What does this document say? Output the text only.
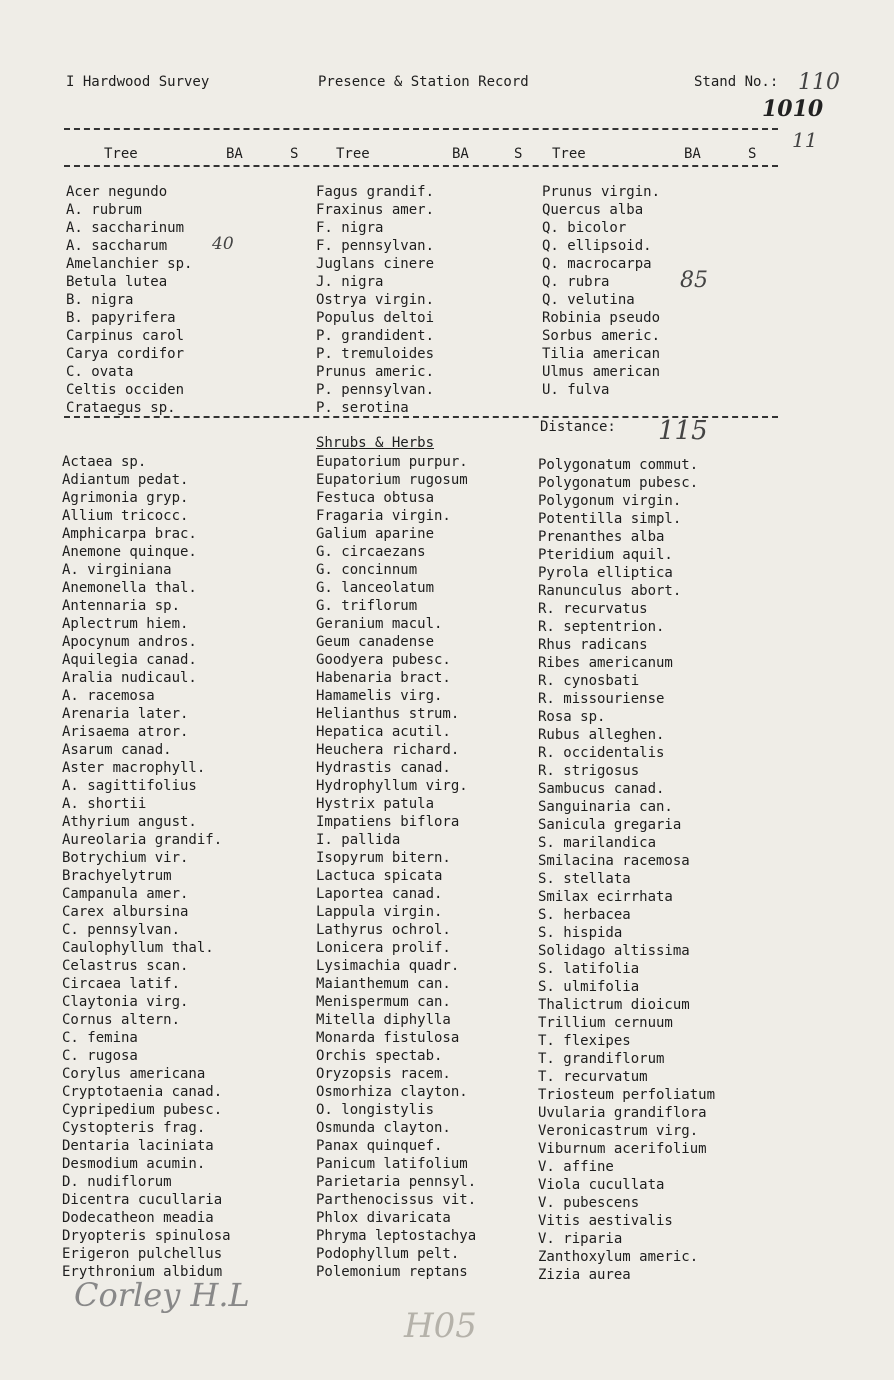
I Hardwood Survey	Presence & Station Record	Stand No.: 110
1010
11
Tree	BA	S	Tree	BA	S Tree	BA	S
Acer negundo
A. rubrum
A. saccharinum
A. saccharum
Amelanchier sp.
Betula lutea
B. nigra
B. papyrifera
Carpinus carol
Carya cordifor
C. ovata
Celtis occiden
Crataegus sp.
Fagus grandif.
Fraxinus amer.
F. nigra
F. pennsylvan.
Juglans cinere
J. nigra
Ostrya virgin.
Populus deltoi
P. grandident.
P. tremuloides
Prunus americ.
P. pennsylvan.
P. serotina
Prunus virgin.
Quercus alba
Q. bicolor
Q. ellipsoid.
Q. macrocarpa
Q. rubra
Q. velutina
Robinia pseudo
Sorbus americ.
Tilia american
Ulmus american
U. fulva
40
85
Shrubs & Herbs
Distance: 115
Actaea sp.
Adiantum pedat.
Agrimonia gryp.
Allium tricocc.
Amphicarpa brac.
Anemone quinque.
A. virginiana
Anemonella thal.
Antennaria sp.
Aplectrum hiem.
Apocynum andros.
Aquilegia canad.
Aralia nudicaul.
A. racemosa
Arenaria later.
Arisaema atror.
Asarum canad.
Aster macrophyll.
A. sagittifolius
A. shortii
Athyrium angust.
Aureolaria grandif.
Botrychium vir.
Brachyelytrum
Campanula amer.
Carex albursina
C. pennsylvan.
Caulophyllum thal.
Celastrus scan.
Circaea latif.
Claytonia virg.
Cornus altern.
C. femina
C. rugosa
Corylus americana
Cryptotaenia canad.
Cypripedium pubesc.
Cystopteris frag.
Dentaria laciniata
Desmodium acumin.
D. nudiflorum
Dicentra cucullaria
Dodecatheon meadia
Dryopteris spinulosa
Erigeron pulchellus
Erythronium albidum
Eupatorium purpur.
Eupatorium rugosum
Festuca obtusa
Fragaria virgin.
Galium aparine
G. circaezans
G. concinnum
G. lanceolatum
G. triflorum
Geranium macul.
Geum canadense
Goodyera pubesc.
Habenaria bract.
Hamamelis virg.
Helianthus strum.
Hepatica acutil.
Heuchera richard.
Hydrastis canad.
Hydrophyllum virg.
Hystrix patula
Impatiens biflora
I. pallida
Isopyrum bitern.
Lactuca spicata
Laportea canad.
Lappula virgin.
Lathyrus ochrol.
Lonicera prolif.
Lysimachia quadr.
Maianthemum can.
Menispermum can.
Mitella diphylla
Monarda fistulosa
Orchis spectab.
Oryzopsis racem.
Osmorhiza clayton.
O. longistylis
Osmunda clayton.
Panax quinquef.
Panicum latifolium
Parietaria pennsyl.
Parthenocissus vit.
Phlox divaricata
Phryma leptostachya
Podophyllum pelt.
Polemonium reptans
Polygonatum commut.
Polygonatum pubesc.
Polygonum virgin.
Potentilla simpl.
Prenanthes alba
Pteridium aquil.
Pyrola elliptica
Ranunculus abort.
R. recurvatus
R. septentrion.
Rhus radicans
Ribes americanum
R. cynosbati
R. missouriense
Rosa sp.
Rubus alleghen.
R. occidentalis
R. strigosus
Sambucus canad.
Sanguinaria can.
Sanicula gregaria
S. marilandica
Smilacina racemosa
S. stellata
Smilax ecirrhata
S. herbacea
S. hispida
Solidago altissima
S. latifolia
S. ulmifolia
Thalictrum dioicum
Trillium cernuum
T. flexipes
T. grandiflorum
T. recurvatum
Triosteum perfoliatum
Uvularia grandiflora
Veronicastrum virg.
Viburnum acerifolium
V. affine
Viola cucullata
V. pubescens
Vitis aestivalis
V. riparia
Zanthoxylum americ.
Zizia aurea
Corley H.L
H05
